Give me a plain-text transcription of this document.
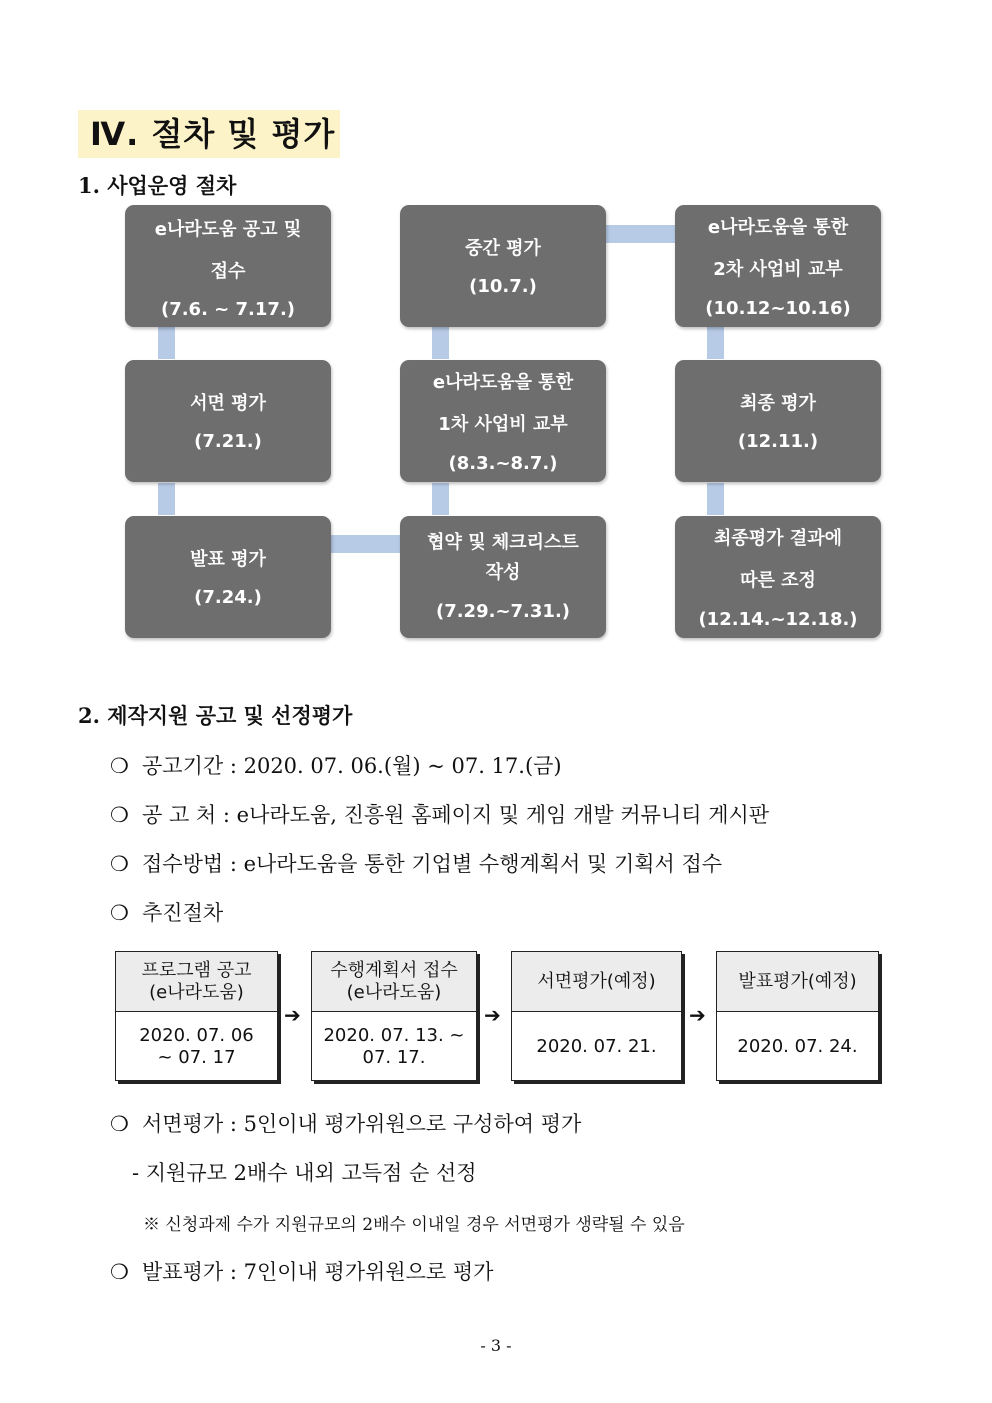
Ⅳ. 절차 및 평가
1. 사업운영 절차
e나라도움 공고 및
접수
(7.6. ~ 7.17.)
서면 평가
(7.21.)
발표 평가
(7.24.)
중간 평가
(10.7.)
e나라도움을 통한
1차 사업비 교부
(8.3.~8.7.)
협약 및 체크리스트
작성
(7.29.~7.31.)
e나라도움을 통한
2차 사업비 교부
(10.12~10.16)
최종 평가
(12.11.)
최종평가 결과에
따른 조정
(12.14.~12.18.)
2. 제작지원 공고 및 선정평가
❍ 공고기간 : 2020. 07. 06.(월) ~ 07. 17.(금)
❍ 공 고 처 : e나라도움, 진흥원 홈페이지 및 게임 개발 커뮤니티 게시판
❍ 접수방법 : e나라도움을 통한 기업별 수행계획서 및 기획서 접수
❍ 추진절차
프로그램 공고
(e나라도움)
2020. 07. 06
~ 07. 17
➔
수행계획서 접수
(e나라도움)
2020. 07. 13. ~
07. 17.
➔
서면평가(예정)
2020. 07. 21.
➔
발표평가(예정)
2020. 07. 24.
❍ 서면평가 : 5인이내 평가위원으로 구성하여 평가
- 지원규모 2배수 내외 고득점 순 선정
※ 신청과제 수가 지원규모의 2배수 이내일 경우 서면평가 생략될 수 있음
❍ 발표평가 : 7인이내 평가위원으로 평가
- 3 -
